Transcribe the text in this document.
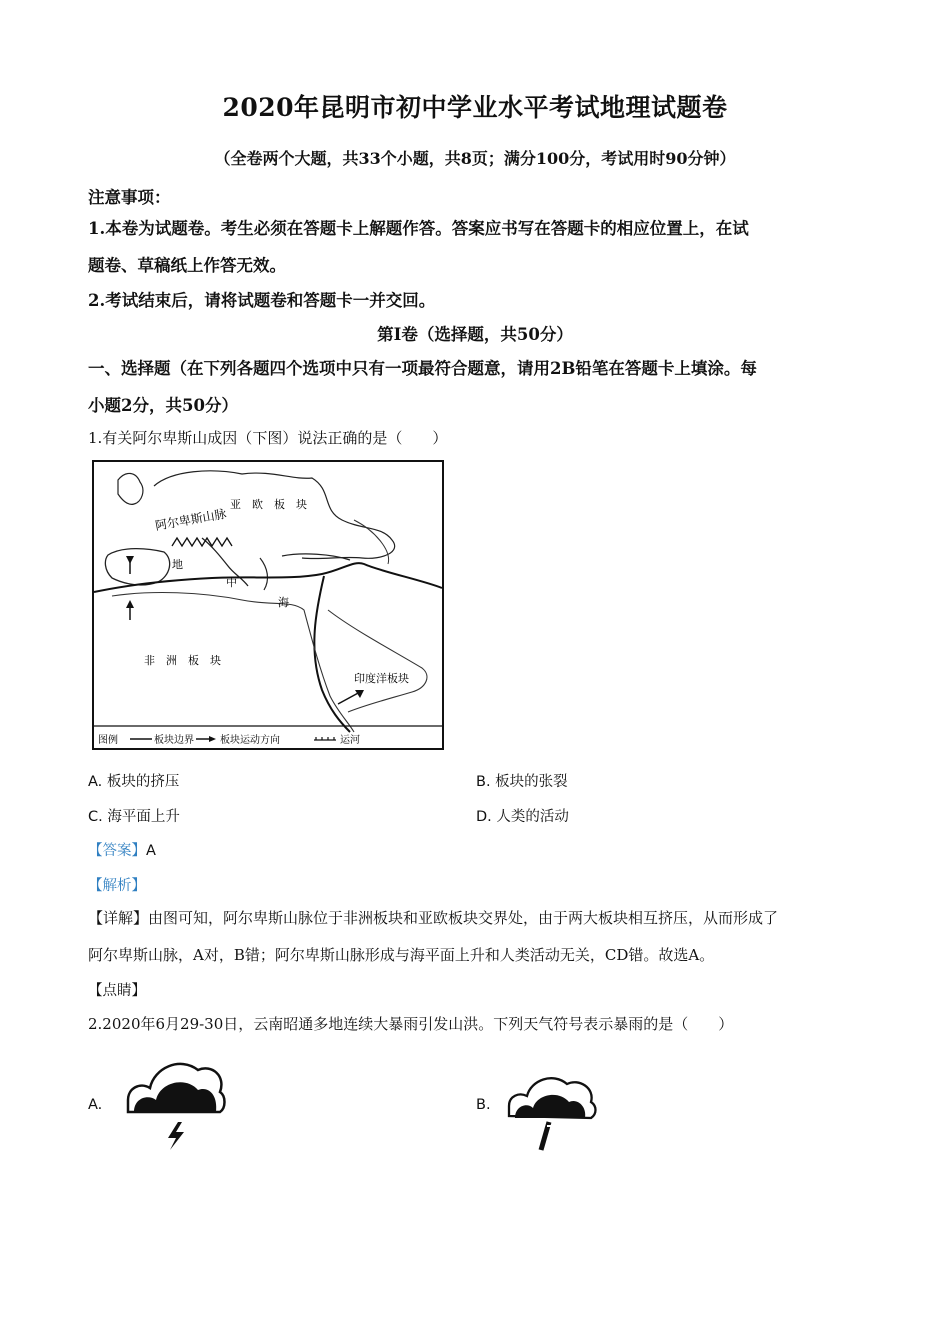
2020年昆明市初中学业水平考试地理试题卷
（全卷两个大题，共33个小题，共8页；满分100分，考试用时90分钟）
注意事项：
1.本卷为试题卷。考生必须在答题卡上解题作答。答案应书写在答题卡的相应位置上，在试
题卷、草稿纸上作答无效。
2.考试结束后，请将试题卷和答题卡一并交回。
第Ⅰ卷（选择题，共50分）
一、选择题（在下列各题四个选项中只有一项最符合题意，请用2B铅笔在答题卡上填涂。每
小题2分，共50分）
1.有关阿尔卑斯山成因（下图）说法正确的是（　　）
亚　欧　板　块
阿尔卑斯山脉
非　洲　板　块
印度洋板块
海
地
中
图例	板块边界	板块运动方向	运河
A. 板块的挤压	B. 板块的张裂
C. 海平面上升	D. 人类的活动
【答案】A
【解析】
【详解】由图可知，阿尔卑斯山脉位于非洲板块和亚欧板块交界处，由于两大板块相互挤压，从而形成了
阿尔卑斯山脉，A对，B错；阿尔卑斯山脉形成与海平面上升和人类活动无关，CD错。故选A。
【点睛】
2.2020年6月29-30日，云南昭通多地连续大暴雨引发山洪。下列天气符号表示暴雨的是（　　）
A.	B.
